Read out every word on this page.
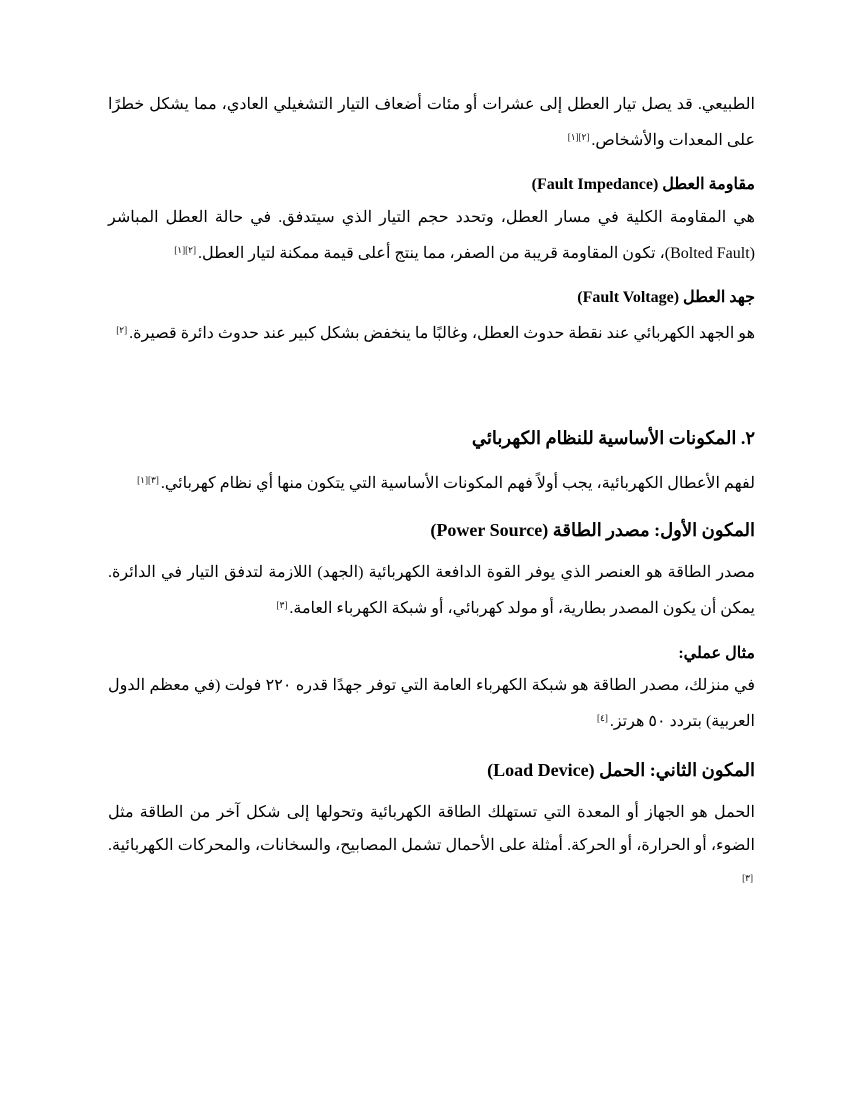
الطبيعي. قد يصل تيار العطل إلى عشرات أو مئات أضعاف التيار التشغيلي العادي، مما يشكل خطرًا على المعدات والأشخاص.[٢][١]

مقاومة العطل (Fault Impedance)

هي المقاومة الكلية في مسار العطل، وتحدد حجم التيار الذي سيتدفق. في حالة العطل المباشر (Bolted Fault)، تكون المقاومة قريبة من الصفر، مما ينتج أعلى قيمة ممكنة لتيار العطل.[٢][١]

جهد العطل (Fault Voltage)

هو الجهد الكهربائي عند نقطة حدوث العطل، وغالبًا ما ينخفض بشكل كبير عند حدوث دائرة قصيرة.[٢]

٢. المكونات الأساسية للنظام الكهربائي

لفهم الأعطال الكهربائية، يجب أولاً فهم المكونات الأساسية التي يتكون منها أي نظام كهربائي.[٣][١]

المكون الأول: مصدر الطاقة (Power Source)

مصدر الطاقة هو العنصر الذي يوفر القوة الدافعة الكهربائية (الجهد) اللازمة لتدفق التيار في الدائرة. يمكن أن يكون المصدر بطارية، أو مولد كهربائي، أو شبكة الكهرباء العامة.[٣]

مثال عملي:

في منزلك، مصدر الطاقة هو شبكة الكهرباء العامة التي توفر جهدًا قدره ٢٢٠ فولت (في معظم الدول العربية) بتردد ٥٠ هرتز.[٤]

المكون الثاني: الحمل (Load Device)

الحمل هو الجهاز أو المعدة التي تستهلك الطاقة الكهربائية وتحولها إلى شكل آخر من الطاقة مثل الضوء، أو الحرارة، أو الحركة. أمثلة على الأحمال تشمل المصابيح، والسخانات، والمحركات الكهربائية.[٣]
